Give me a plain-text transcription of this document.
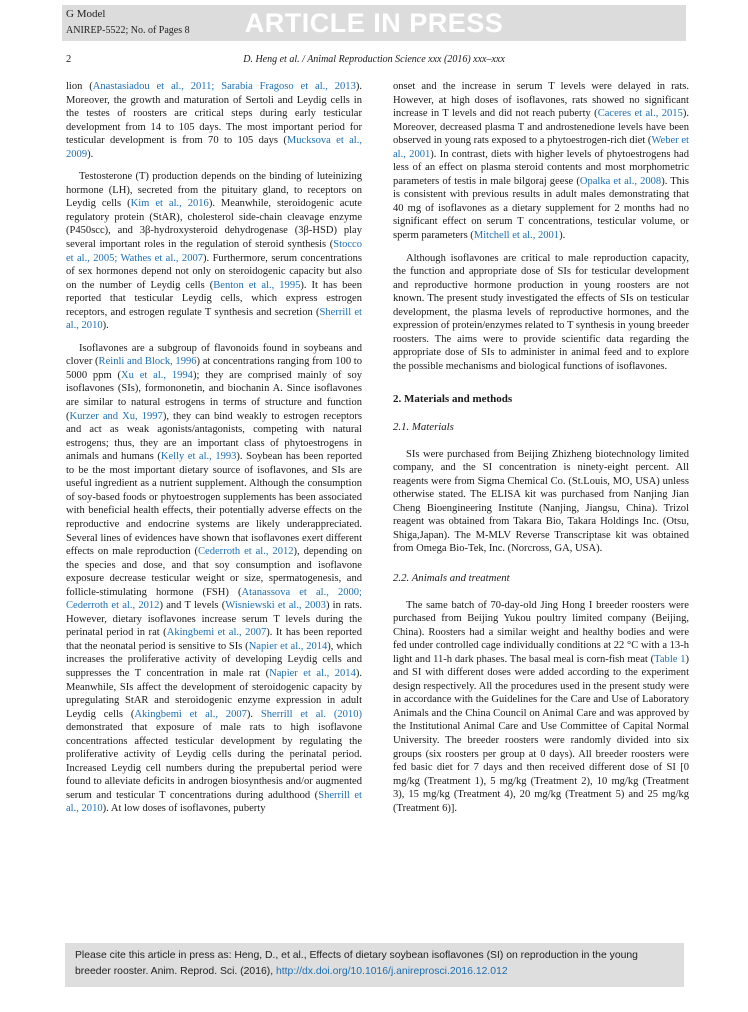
G Model
ANIREP-5522; No. of Pages 8	ARTICLE IN PRESS
2	D. Heng et al. / Animal Reproduction Science xxx (2016) xxx–xxx

lion (Anastasiadou et al., 2011; Sarabia Fragoso et al., 2013). Moreover, the growth and maturation of Sertoli and Leydig cells in the testes of roosters are critical steps during early testicular development from 14 to 105 days. The most important period for testicular development is from 70 to 105 days (Mucksova et al., 2009).

Testosterone (T) production depends on the binding of luteinizing hormone (LH), secreted from the pituitary gland, to receptors on Leydig cells (Kim et al., 2016). Meanwhile, steroidogenic acute regulatory protein (StAR), cholesterol side-chain cleavage enzyme (P450scc), and 3β-hydroxysteroid dehydrogenase (3β-HSD) play several important roles in the regulation of steroid synthesis (Stocco et al., 2005; Wathes et al., 2007). Furthermore, serum concentrations of sex hormones depend not only on steroidogenic capacity but also on the number of Leydig cells (Benton et al., 1995). It has been reported that testicular Leydig cells, which express estrogen receptors, and estrogen regulate T synthesis and secretion (Sherrill et al., 2010).

Isoflavones are a subgroup of flavonoids found in soybeans and clover (Reinli and Block, 1996) at concentrations ranging from 100 to 5000 ppm (Xu et al., 1994); they are comprised mainly of soy isoflavones (SIs), formononetin, and biochanin A. Since isoflavones are similar to natural estrogens in terms of structure and function (Kurzer and Xu, 1997), they can bind weakly to estrogen receptors and act as weak agonists/antagonists, competing with natural estrogens; thus, they are an important class of phytoestrogens in animals and humans (Kelly et al., 1993). Soybean has been reported to be the most important dietary source of isoflavones, and SIs are useful ingredient as a nutrient supplement. Although the consumption of soy-based foods or phytoestrogen supplements has been associated with beneficial health effects, their potentially adverse effects on the reproductive and endocrine systems are likely underappreciated. Several lines of evidences have shown that isoflavones exert different effects on male reproduction (Cederroth et al., 2012), depending on the species and dose, and that soy consumption and isoflavone exposure decrease testicular weight or size, spermatogenesis, and follicle-stimulating hormone (FSH) (Atanassova et al., 2000; Cederroth et al., 2012) and T levels (Wisniewski et al., 2003) in rats. However, dietary isoflavones increase serum T levels during the perinatal period in rat (Akingbemi et al., 2007). It has been reported that the neonatal period is sensitive to SIs (Napier et al., 2014), which increases the proliferative activity of developing Leydig cells and suppresses the T concentration in male rat (Napier et al., 2014). Meanwhile, SIs affect the development of steroidogenic capacity by upregulating StAR and steroidogenic enzyme expression in adult Leydig cells (Akingbemi et al., 2007). Sherrill et al. (2010) demonstrated that exposure of male rats to high isoflavone concentrations affected testicular development by regulating the proliferative activity of Leydig cells during the perinatal period. Increased Leydig cell numbers during the prepubertal period were found to alleviate deficits in androgen biosynthesis and/or augmented serum and testicular T concentrations during adulthood (Sherrill et al., 2010). At low doses of isoflavones, puberty

onset and the increase in serum T levels were delayed in rats. However, at high doses of isoflavones, rats showed no significant increase in T levels and did not reach puberty (Caceres et al., 2015). Moreover, decreased plasma T and androstenedione levels have been observed in young rats exposed to a phytoestrogen-rich diet (Weber et al., 2001). In contrast, diets with higher levels of phytoestrogens had less of an effect on plasma steroid contents and most morphometric parameters of testis in male bilgoraj geese (Opalka et al., 2008). This is consistent with previous results in adult males demonstrating that 40 mg of isoflavones as a dietary supplement for 2 months had no significant effect on serum T concentrations, testicular volume, or sperm parameters (Mitchell et al., 2001).

Although isoflavones are critical to male reproduction capacity, the function and appropriate dose of SIs for testicular development and reproductive hormone production in young roosters are not known. The present study investigated the effects of SIs on testicular development, the plasma levels of reproductive hormones, and the expression of protein/enzymes related to T synthesis in young breeder roosters. The aims were to provide scientific data regarding the appropriate dose of SIs to administer in animal feed and to explore the possible mechanisms and biological functions of isoflavones.

2. Materials and methods
2.1. Materials

SIs were purchased from Beijing Zhizheng biotechnology limited company, and the SI concentration is ninety-eight percent. All reagents were from Sigma Chemical Co. (St.Louis, MO, USA) unless otherwise stated. The ELISA kit was purchased from Nanjing Jian Cheng Bioengineering Institute (Nanjing, Jiangsu, China). Trizol reagent was obtained from Takara Bio, Takara Holdings Inc. (Otsu, Shiga,Japan). The M-MLV Reverse Transcriptase kit was obtained from Omega Bio-Tek, Inc. (Norcross, GA, USA).

2.2. Animals and treatment

The same batch of 70-day-old Jing Hong I breeder roosters were purchased from Beijing Yukou poultry limited company (Beijing, China). Roosters had a similar weight and healthy bodies and were fed under controlled cage individually conditions at 22 °C with a 13-h light and 11-h dark phases. The basal meal is corn-fish meat (Table 1) and SI with different doses were added according to the experiment design respectively. All the procedures used in the present study were in accordance with the Guidelines for the Care and Use of Laboratory Animals and the China Council on Animal Care and was approved by the Institutional Animal Care and Use Committee of Capital Normal University. The breeder roosters were randomly divided into six groups (six roosters per group at 0 days). All breeder roosters were fed basic diet for 7 days and then received different dose of SI [0 mg/kg (Treatment 1), 5 mg/kg (Treatment 2), 10 mg/kg (Treatment 3), 15 mg/kg (Treatment 4), 20 mg/kg (Treatment 5) and 25 mg/kg (Treatment 6)].

Please cite this article in press as: Heng, D., et al., Effects of dietary soybean isoflavones (SI) on reproduction in the young breeder rooster. Anim. Reprod. Sci. (2016), http://dx.doi.org/10.1016/j.anireprosci.2016.12.012
